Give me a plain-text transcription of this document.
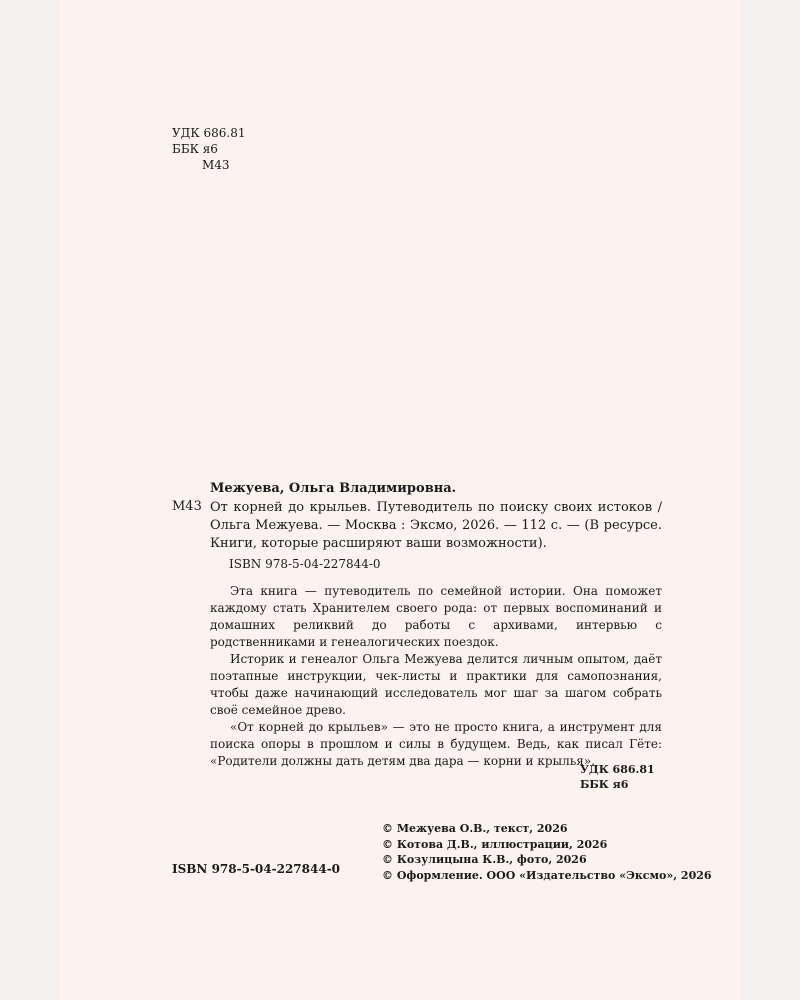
УДК 686.81
ББК я6
М43
Межуева, Ольга Владимировна.
М43 От корней до крыльев. Путеводитель по поиску своих истоков / Ольга Межуева. — Москва : Эксмо, 2026. — 112 с. — (В ресурсе. Книги, которые расширяют ваши возможности).
ISBN 978-5-04-227844-0

Эта книга — путеводитель по семейной истории. Она поможет каждому стать Хранителем своего рода: от первых воспоминаний и домашних реликвий до работы с архивами, интервью с родственниками и генеалогических поездок.

Историк и генеалог Ольга Межуева делится личным опытом, даёт поэтапные инструкции, чек-листы и практики для самопознания, чтобы даже начинающий исследователь мог шаг за шагом собрать своё семейное древо.

«От корней до крыльев» — это не просто книга, а инструмент для поиска опоры в прошлом и силы в будущем. Ведь, как писал Гёте: «Родители должны дать детям два дара — корни и крылья».

УДК 686.81
ББК я6
© Межуева О.В., текст, 2026
© Котова Д.В., иллюстрации, 2026
© Козулицына К.В., фото, 2026
© Оформление. ООО «Издательство «Эксмо», 2026
ISBN 978-5-04-227844-0
